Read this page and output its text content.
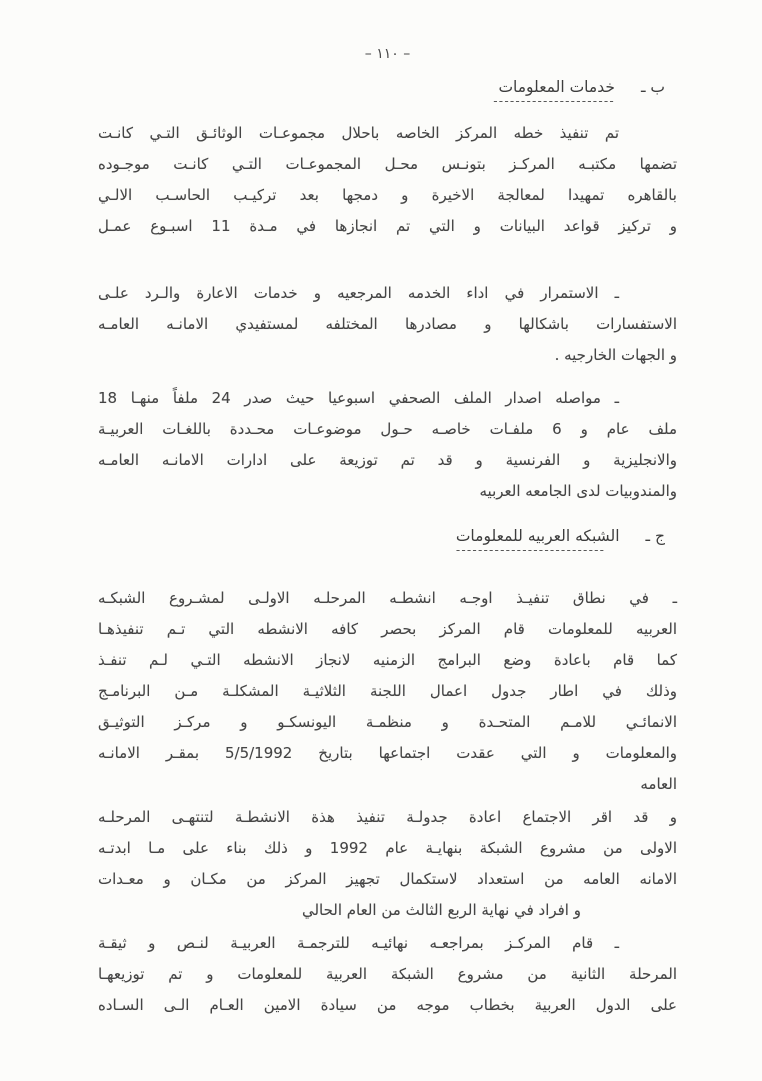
– ١١٠ –
ب ـ
خدمات المعلومات
----------------------
تم تنفيذ خطه المركز الخاصه باحلال مجموعـات الوثائـق التـي كانـت
تضمها مكتبـه المركـز بتونـس محـل المجموعـات التـي كانـت موجـوده
بالقاهره تمهيدا لمعالجة الاخيرة و دمجها بعد تركيـب الحاسـب الالـي
و تركيز قواعد البيانات و التي تم انجازها في مـدة 11 اسبـوع عمـل
ـ الاستمرار في اداء الخدمه المرجعيه و خدمات الاعارة والـرد علـى
الاستفسارات باشكالها و مصادرها المختلفه لمستفيدي الامانـه العامـه
و الجهات الخارجيه .
ـ مواصله اصدار الملف الصحفي اسبوعيا حيث صدر 24 ملفاً منهـا 18
ملف عام و 6 ملفـات خاصـه حـول موضوعـات محـددة باللغـات العربيـة
والانجليزية و الفرنسية و قد تم توزيعة على ادارات الامانـه العامـه
والمندوبيات لدى الجامعه العربيه
ج ـ
الشبكه العربيه للمعلومات
---------------------------
ـ في نطاق تنفيـذ اوجـه انشطـه المرحلـه الاولـى لمشـروع الشبكـه
العربيه للمعلومات قام المركز بحصر كافه الانشطه التي تـم تنفيذهـا
كما قام باعادة وضع البرامج الزمنيه لانجاز الانشطه التـي لـم تنفـذ
وذلك في اطار جدول اعمال اللجنة الثلاثيـة المشكلـة مـن البرنامـج
الانمائـي للامـم المتحـدة و منظمـة اليونسكـو و مركـز التوثيـق
والمعلومات و التي عقدت اجتماعها بتاريخ 5/5/1992 بمقـر الامانـه
العامه
و قد اقر الاجتماع اعادة جدولـة تنفيذ هذة الانشطـة لتنتهـى المرحلـه
الاولى من مشروع الشبكة بنهايـة عام 1992 و ذلك بناء على مـا ابدتـه
الامانه العامه من استعداد لاستكمال تجهيز المركز من مكـان و معـدات
و افراد في نهاية الربع الثالث من العام الحالي
ـ قام المركـز بمراجعـه نهائيـه للترجمـة العربيـة لنـص و ثيقـة
المرحلة الثانية من مشروع الشبكة العربية للمعلومات و تم توزيعهـا
على الدول العربية بخطاب موجه من سيادة الامين العـام الـى السـاده
